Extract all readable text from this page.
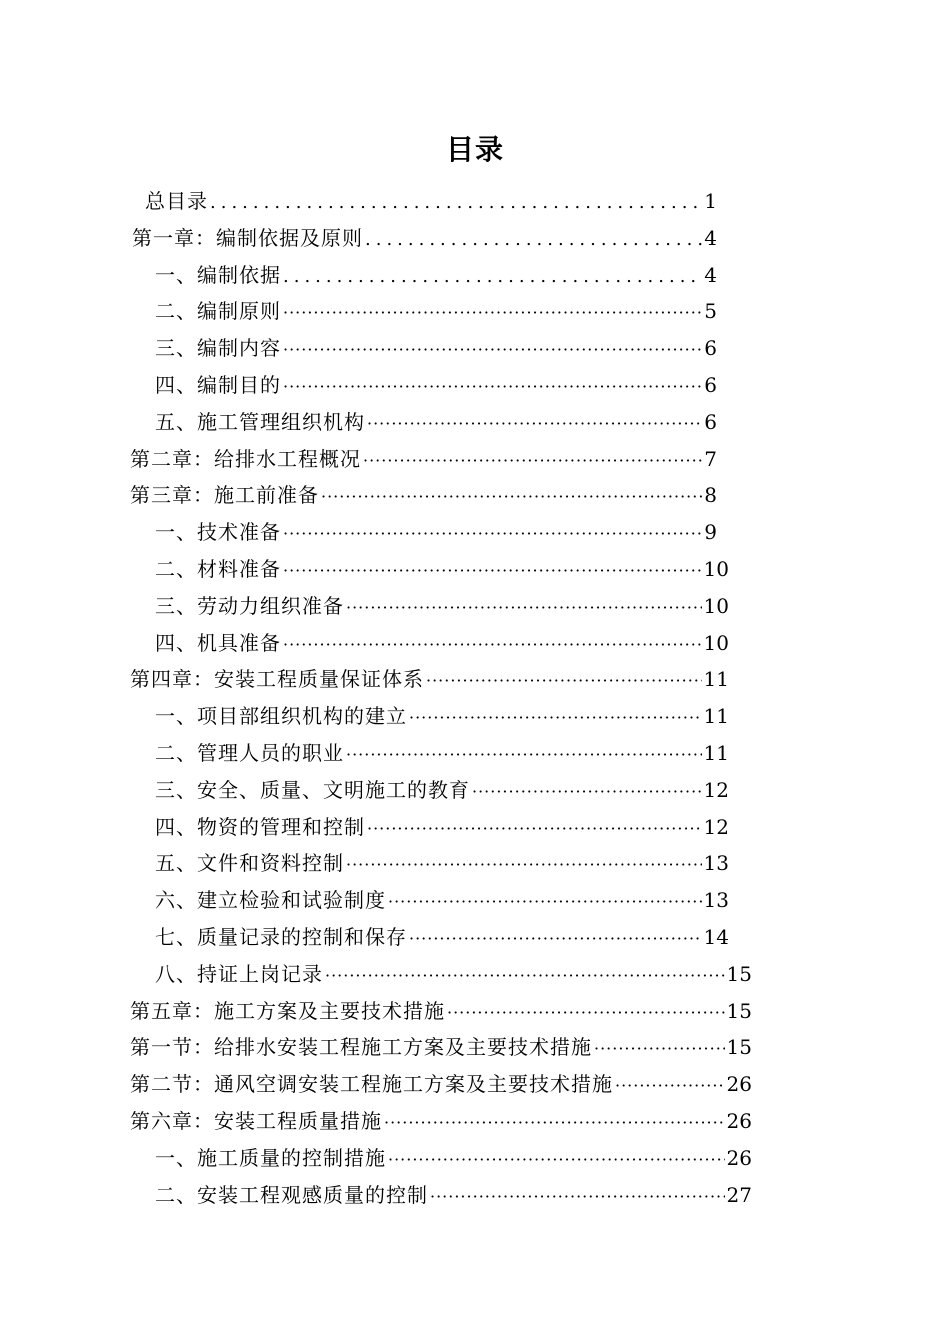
目录
总目录 .....	1
第一章：编制依据及原则 .....	4
一、编制依据 .....	4
二、编制原则 ·····	5
三、编制内容 ·····	6
四、编制目的 ·····	6
五、施工管理组织机构 ·····	6
第二章：给排水工程概况 ·····	7
第三章：施工前准备 ·····	8
一、技术准备 ·····	9
二、材料准备 ·····	10
三、劳动力组织准备 ·····	10
四、机具准备 ·····	10
第四章：安装工程质量保证体系 ·····	11
一、项目部组织机构的建立 ·····	11
二、管理人员的职业 ·····	11
三、安全、质量、文明施工的教育 ·····	12
四、物资的管理和控制 ·····	12
五、文件和资料控制 ·····	13
六、建立检验和试验制度 ·····	13
七、质量记录的控制和保存 ·····	14
八、持证上岗记录 ·····	15
第五章：施工方案及主要技术措施 ·····	15
第一节：给排水安装工程施工方案及主要技术措施 ·····	15
第二节：通风空调安装工程施工方案及主要技术措施 ·····	26
第六章：安装工程质量措施 ·····	26
一、施工质量的控制措施 ·····	26
二、安装工程观感质量的控制 ·····	27
